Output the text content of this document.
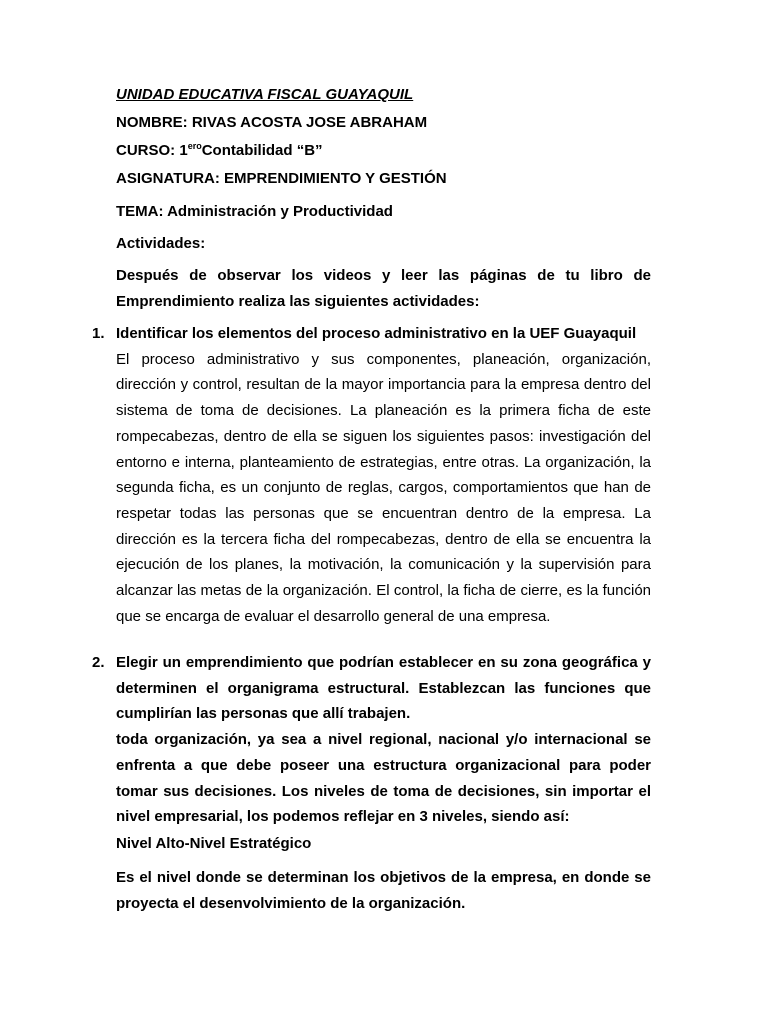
UNIDAD EDUCATIVA FISCAL GUAYAQUIL

NOMBRE: RIVAS ACOSTA JOSE ABRAHAM

CURSO: $1^{ero}Contabilidad$ “B”

ASIGNATURA: EMPRENDIMIENTO Y GESTIÓN

TEMA: Administración y Productividad

Actividades:

Después de observar los videos y leer las páginas de tu libro de Emprendimiento realiza las siguientes actividades:

1. Identificar los elementos del proceso administrativo en la UEF Guayaquil
El proceso administrativo y sus componentes, planeación, organización, dirección y control, resultan de la mayor importancia para la empresa dentro del sistema de toma de decisiones. La planeación es la primera ficha de este rompecabezas, dentro de ella se siguen los siguientes pasos: investigación del entorno e interna, planteamiento de estrategias, entre otras. La organización, la segunda ficha, es un conjunto de reglas, cargos, comportamientos que han de respetar todas las personas que se encuentran dentro de la empresa. La dirección es la tercera ficha del rompecabezas, dentro de ella se encuentra la ejecución de los planes, la motivación, la comunicación y la supervisión para alcanzar las metas de la organización. El control, la ficha de cierre, es la función que se encarga de evaluar el desarrollo general de una empresa.

2. Elegir un emprendimiento que podrían establecer en su zona geográfica y determinen el organigrama estructural. Establezcan las funciones que cumplirían las personas que allí trabajen.
toda organización, ya sea a nivel regional, nacional y/o internacional se enfrenta a que debe poseer una estructura organizacional para poder tomar sus decisiones. Los niveles de toma de decisiones, sin importar el nivel empresarial, los podemos reflejar en 3 niveles, siendo así:

Nivel Alto-Nivel Estratégico

Es el nivel donde se determinan los objetivos de la empresa, en donde se proyecta el desenvolvimiento de la organización.
